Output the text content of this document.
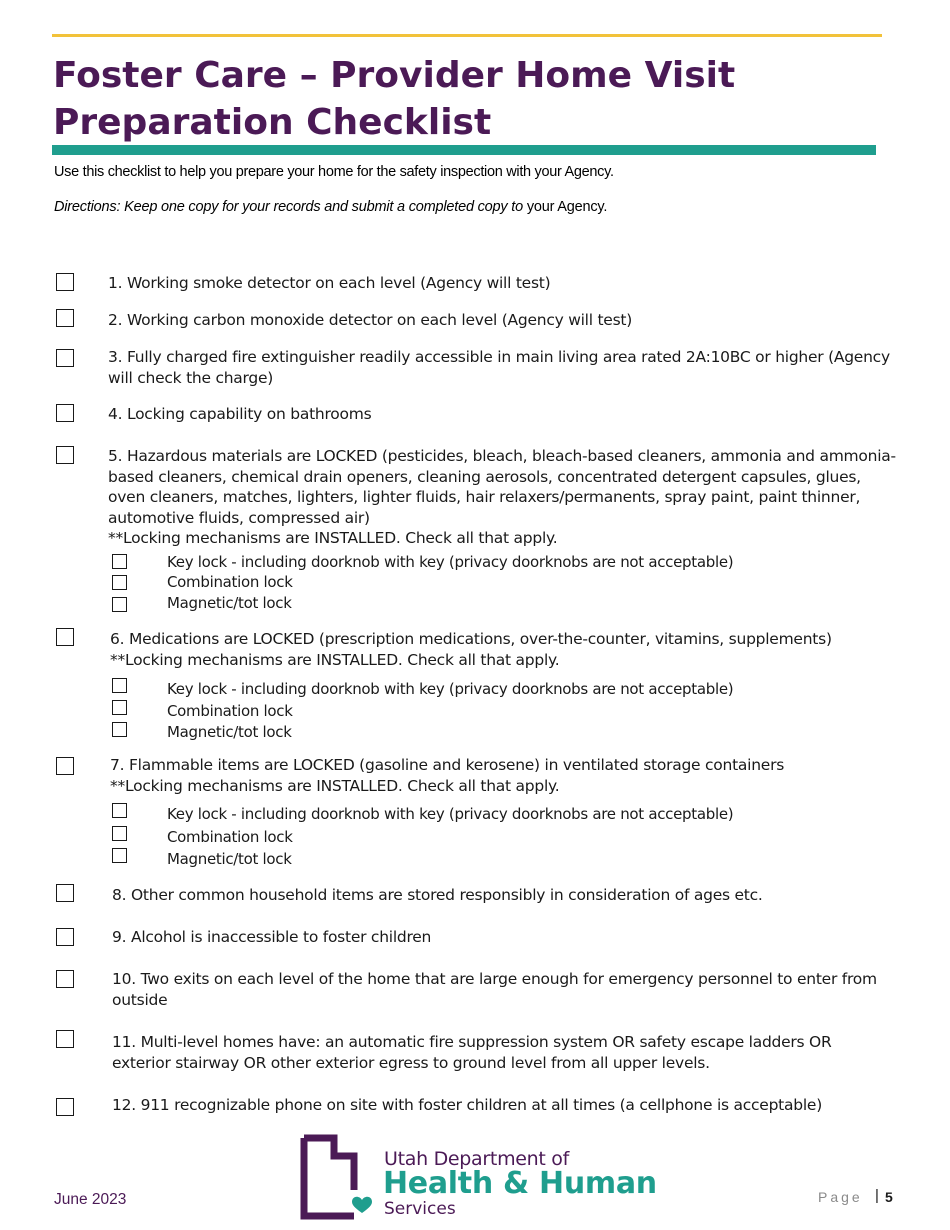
Foster Care – Provider Home Visit
Preparation Checklist
Use this checklist to help you prepare your home for the safety inspection with your Agency.
Directions: Keep one copy for your records and submit a completed copy to your Agency.
1. Working smoke detector on each level (Agency will test)
2. Working carbon monoxide detector on each level (Agency will test)

3. Fully charged fire extinguisher readily accessible in main living area rated 2A:10BC or higher (Agency

will check the charge)

4. Locking capability on bathrooms

5. Hazardous materials are LOCKED (pesticides, bleach, bleach-based cleaners, ammonia and ammonia-

based cleaners, chemical drain openers, cleaning aerosols, concentrated detergent capsules, glues,

oven cleaners, matches, lighters, lighter fluids, hair relaxers/permanents, spray paint, paint thinner,

automotive fluids, compressed air)

**Locking mechanisms are INSTALLED. Check all that apply.

Key lock - including doorknob with key (privacy doorknobs are not acceptable)
Combination lock
Magnetic/tot lock

6. Medications are LOCKED (prescription medications, over-the-counter, vitamins, supplements)

**Locking mechanisms are INSTALLED. Check all that apply.

Key lock - including doorknob with key (privacy doorknobs are not acceptable)
Combination lock
Magnetic/tot lock

7. Flammable items are LOCKED (gasoline and kerosene) in ventilated storage containers

**Locking mechanisms are INSTALLED. Check all that apply.

Key lock - including doorknob with key (privacy doorknobs are not acceptable)
Combination lock
Magnetic/tot lock
8. Other common household items are stored responsibly in consideration of ages etc.
9. Alcohol is inaccessible to foster children

10. Two exits on each level of the home that are large enough for emergency personnel to enter from

outside

11. Multi-level homes have: an automatic fire suppression system OR safety escape ladders OR

exterior stairway OR other exterior egress to ground level from all upper levels.

12. 911 recognizable phone on site with foster children at all times (a cellphone is acceptable)
June 2023
Utah Department of
Health & Human
Services
Page | 5
